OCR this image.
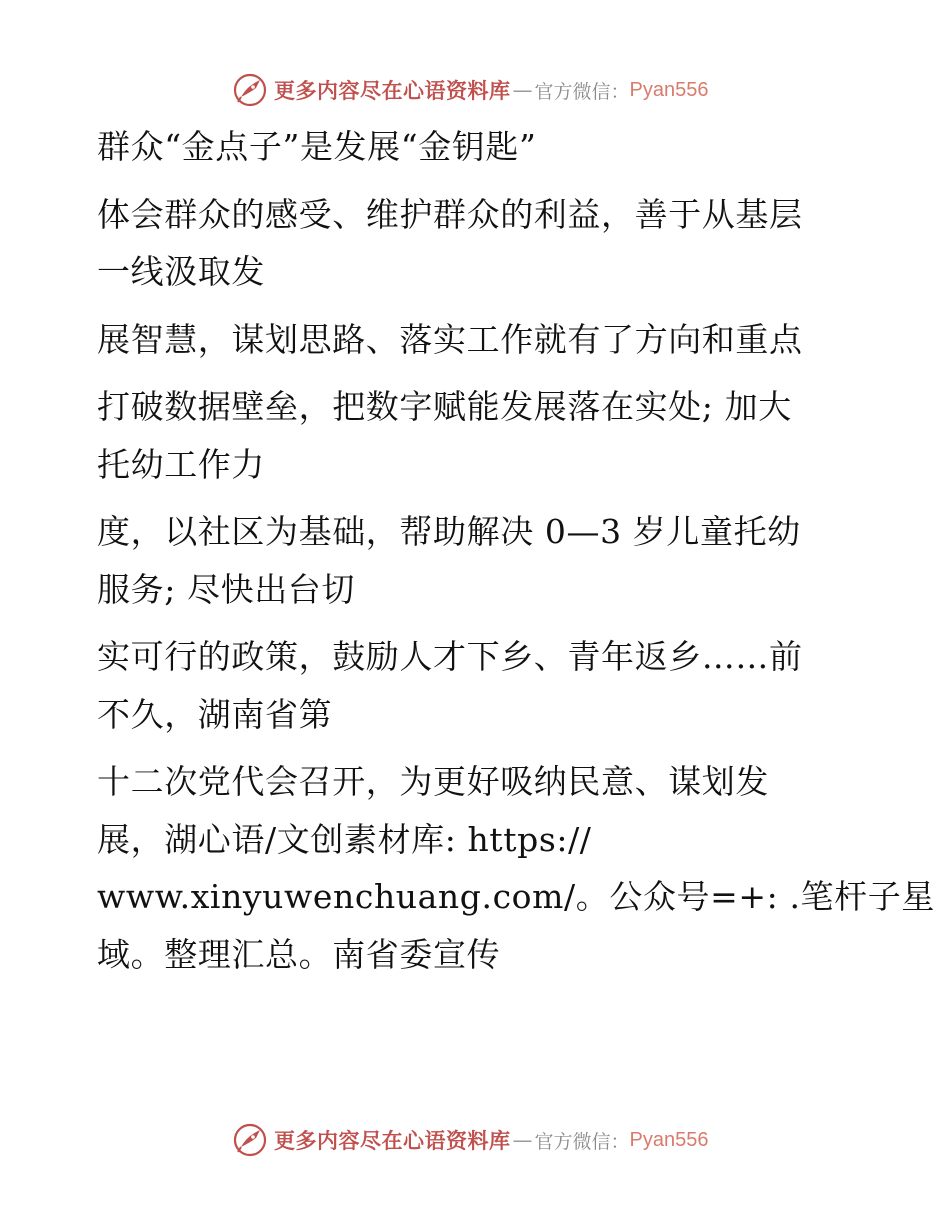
更多内容尽在心语资料库 — 官方微信： Pyan556
群众“金点子”是发展“金钥匙”
体会群众的感受、维护群众的利益，善于从基层
一线汲取发
展智慧，谋划思路、落实工作就有了方向和重点
打破数据壁垒，把数字赋能发展落在实处; 加大
托幼工作力
度，以社区为基础，帮助解决 0—3 岁儿童托幼
服务; 尽快出台切
实可行的政策，鼓励人才下乡、青年返乡……前
不久，湖南省第
十二次党代会召开，为更好吸纳民意、谋划发
展，湖心语/文创素材库: https://
www.xinyuwenchuang.com/。公众号=+: .笔杆子星
域。整理汇总。南省委宣传
更多内容尽在心语资料库 — 官方微信： Pyan556
